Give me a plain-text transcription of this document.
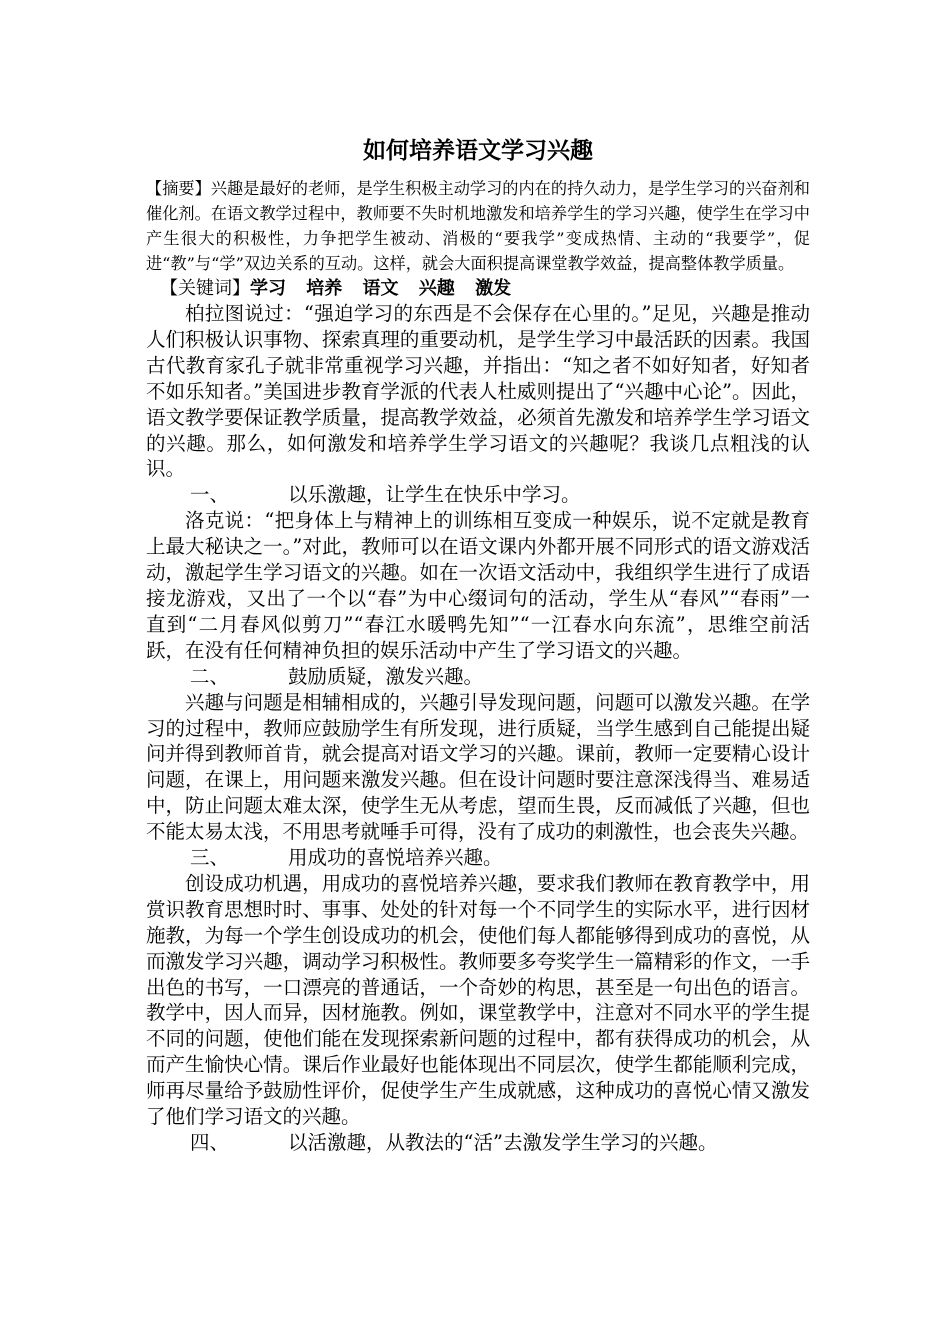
如何培养语文学习兴趣

【摘要】兴趣是最好的老师，是学生积极主动学习的内在的持久动力，是学生学习的兴奋剂和催化剂。在语文教学过程中，教师要不失时机地激发和培养学生的学习兴趣，使学生在学习中产生很大的积极性，力争把学生被动、消极的“要我学”变成热情、主动的“我要学”，促进“教”与“学”双边关系的互动。这样，就会大面积提高课堂教学效益，提高整体教学质量。

【关键词】学习 培养 语文 兴趣 激发

柏拉图说过：“强迫学习的东西是不会保存在心里的。”足见，兴趣是推动人们积极认识事物、探索真理的重要动机，是学生学习中最活跃的因素。我国古代教育家孔子就非常重视学习兴趣，并指出：“知之者不如好知者，好知者不如乐知者。”美国进步教育学派的代表人杜威则提出了“兴趣中心论”。因此，语文教学要保证教学质量，提高教学效益，必须首先激发和培养学生学习语文的兴趣。那么，如何激发和培养学生学习语文的兴趣呢？我谈几点粗浅的认识。

一、	以乐激趣，让学生在快乐中学习。

洛克说：“把身体上与精神上的训练相互变成一种娱乐，说不定就是教育上最大秘诀之一。”对此，教师可以在语文课内外都开展不同形式的语文游戏活动，激起学生学习语文的兴趣。如在一次语文活动中，我组织学生进行了成语接龙游戏，又出了一个以“春”为中心缀词句的活动，学生从“春风”“春雨”一直到“二月春风似剪刀”“春江水暖鸭先知”“一江春水向东流”，思维空前活跃，在没有任何精神负担的娱乐活动中产生了学习语文的兴趣。

二、	鼓励质疑，激发兴趣。

兴趣与问题是相辅相成的，兴趣引导发现问题，问题可以激发兴趣。在学习的过程中，教师应鼓励学生有所发现，进行质疑，当学生感到自己能提出疑问并得到教师首肯，就会提高对语文学习的兴趣。课前，教师一定要精心设计问题，在课上，用问题来激发兴趣。但在设计问题时要注意深浅得当、难易适中，防止问题太难太深，使学生无从考虑，望而生畏，反而减低了兴趣，但也不能太易太浅，不用思考就唾手可得，没有了成功的刺激性，也会丧失兴趣。

三、	用成功的喜悦培养兴趣。

创设成功机遇，用成功的喜悦培养兴趣，要求我们教师在教育教学中，用赏识教育思想时时、事事、处处的针对每一个不同学生的实际水平，进行因材施教，为每一个学生创设成功的机会，使他们每人都能够得到成功的喜悦，从而激发学习兴趣，调动学习积极性。教师要多夸奖学生一篇精彩的作文，一手出色的书写，一口漂亮的普通话，一个奇妙的构思，甚至是一句出色的语言。教学中，因人而异，因材施教。例如，课堂教学中，注意对不同水平的学生提不同的问题，使他们能在发现探索新问题的过程中，都有获得成功的机会，从而产生愉快心情。课后作业最好也能体现出不同层次，使学生都能顺利完成，师再尽量给予鼓励性评价，促使学生产生成就感，这种成功的喜悦心情又激发了他们学习语文的兴趣。

四、	以活激趣，从教法的“活”去激发学生学习的兴趣。
